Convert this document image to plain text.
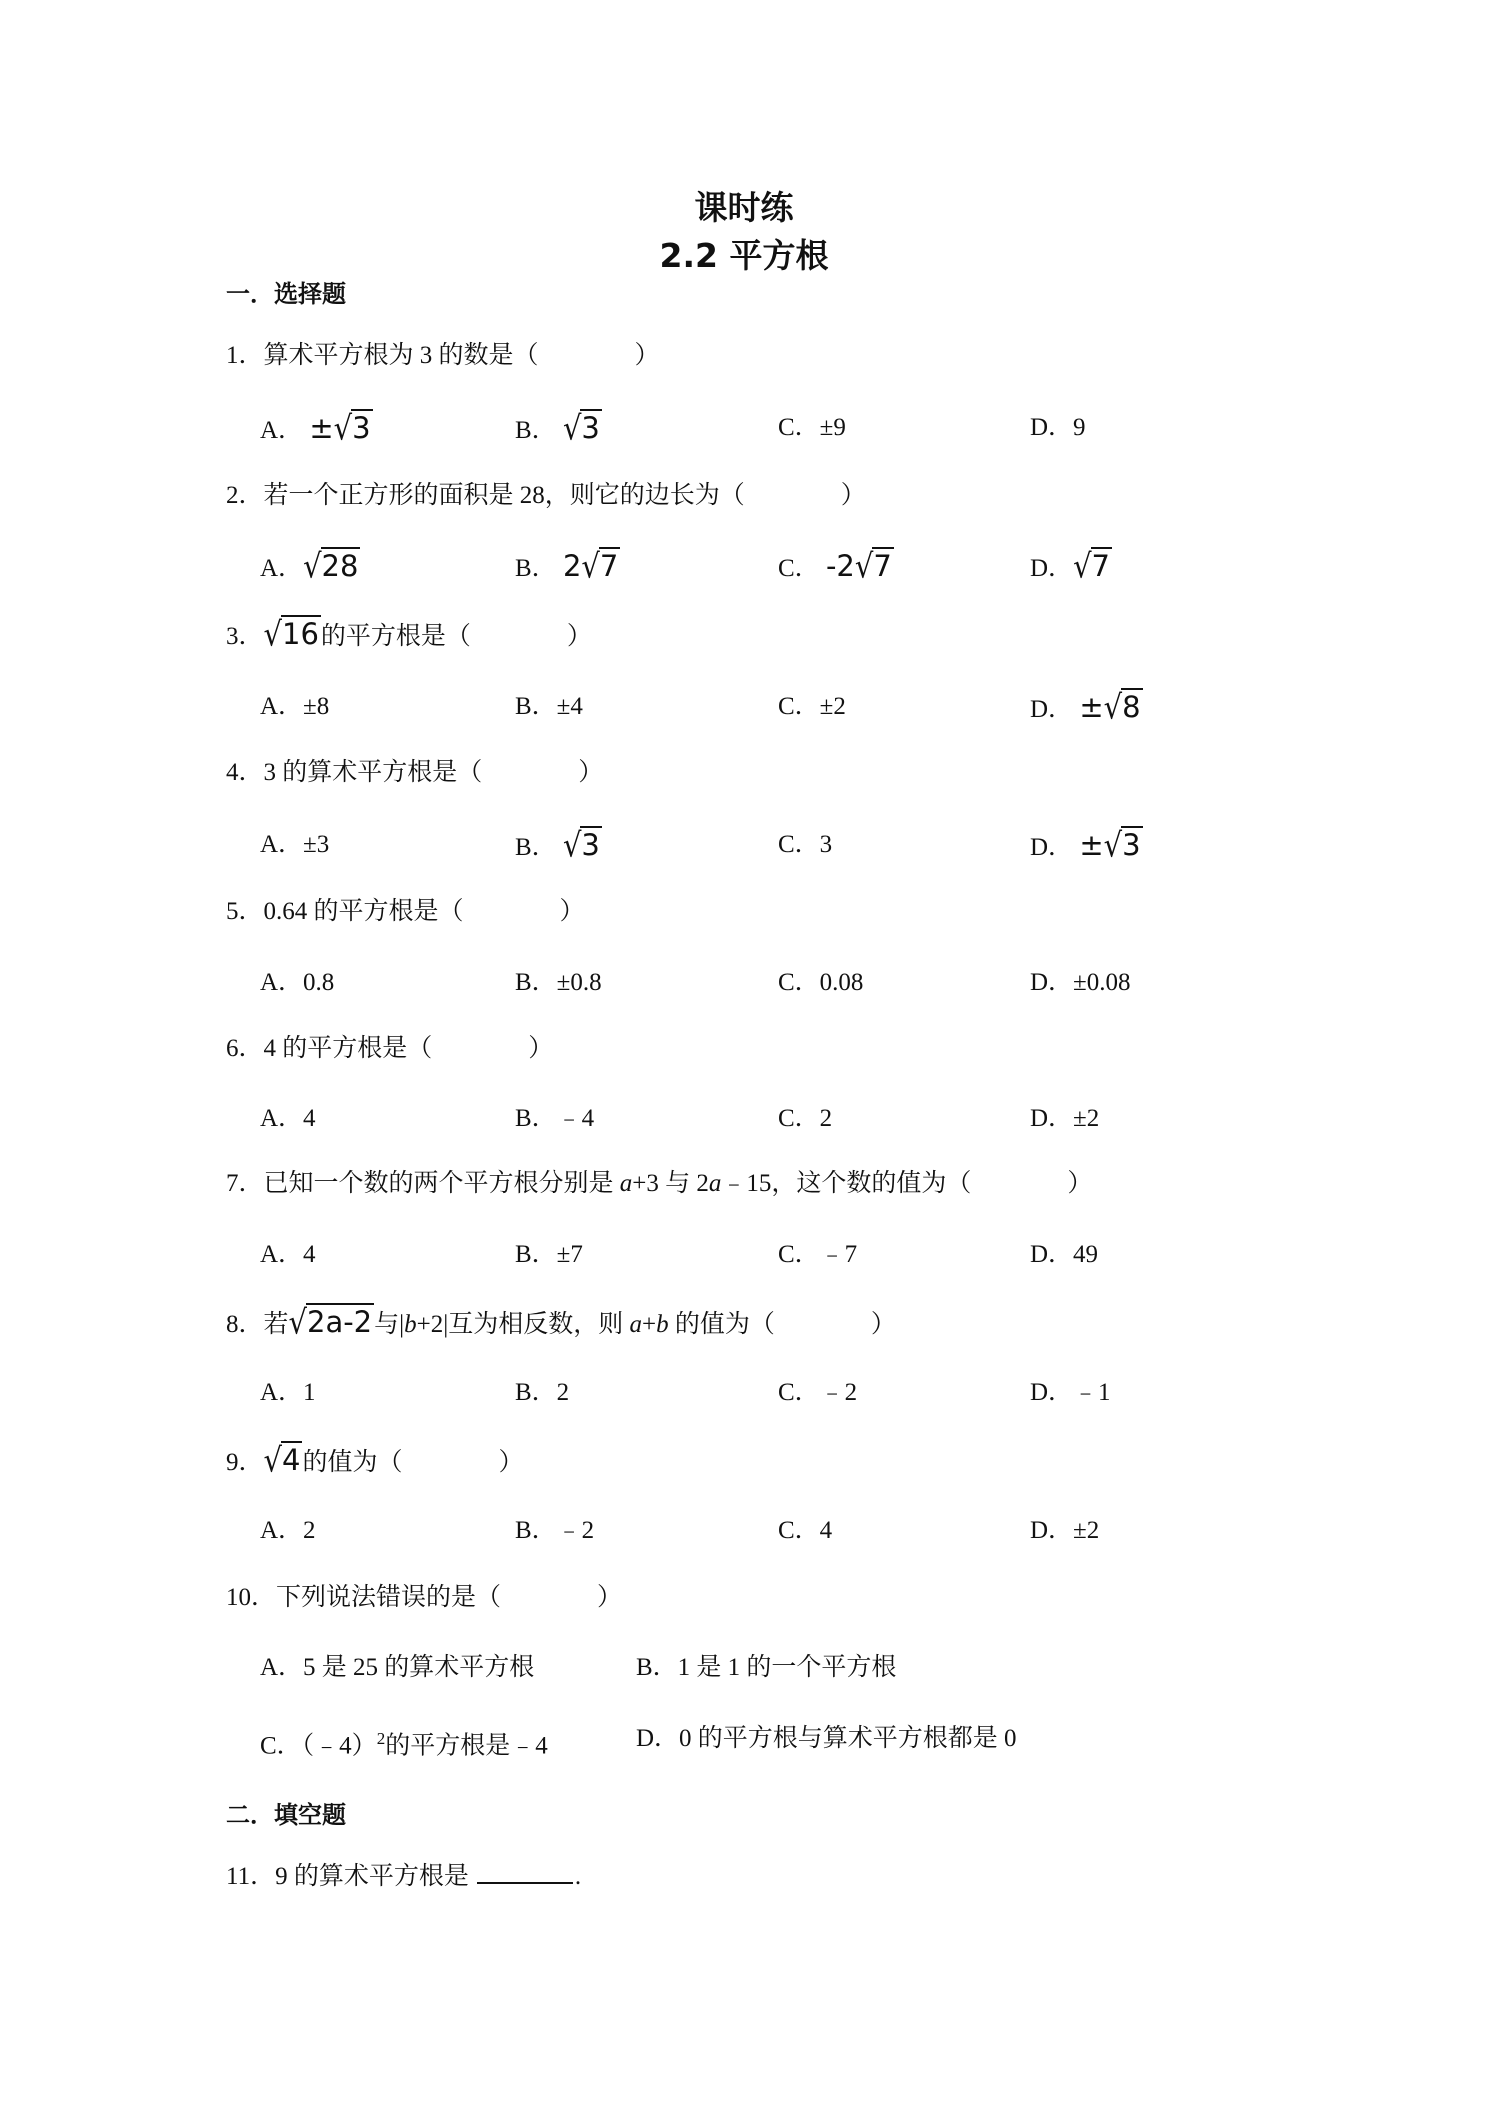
课时练
2.2 平方根
一．选择题
1．算术平方根为 3 的数是（	）
A． ±√3	B． √3	C．±9	D．9
2．若一个正方形的面积是 28，则它的边长为（	）
A．√28	B． 2√7	C． -2√7	D．√7
3．√16的平方根是（	）
A．±8	B．±4	C．±2	D． ±√8
4．3 的算术平方根是（	）
A．±3	B． √3	C．3	D． ±√3
5．0.64 的平方根是（	）
A．0.8	B．±0.8	C．0.08	D．±0.08
6．4 的平方根是（	）
A．4	B．﹣4	C．2	D．±2
7．已知一个数的两个平方根分别是 a+3 与 2a﹣15，这个数的值为（	）
A．4	B．±7	C．﹣7	D．49
8．若√2a-2与|b+2|互为相反数，则 a+b 的值为（	）
A．1	B．2	C．﹣2	D．﹣1
9．√4的值为（	）
A．2	B．﹣2	C．4	D．±2
10．下列说法错误的是（	）
A．5 是 25 的算术平方根	B．1 是 1 的一个平方根
C．（﹣4）$^2$的平方根是﹣4	D．0 的平方根与算术平方根都是 0
二．填空题
11．9 的算术平方根是	.
